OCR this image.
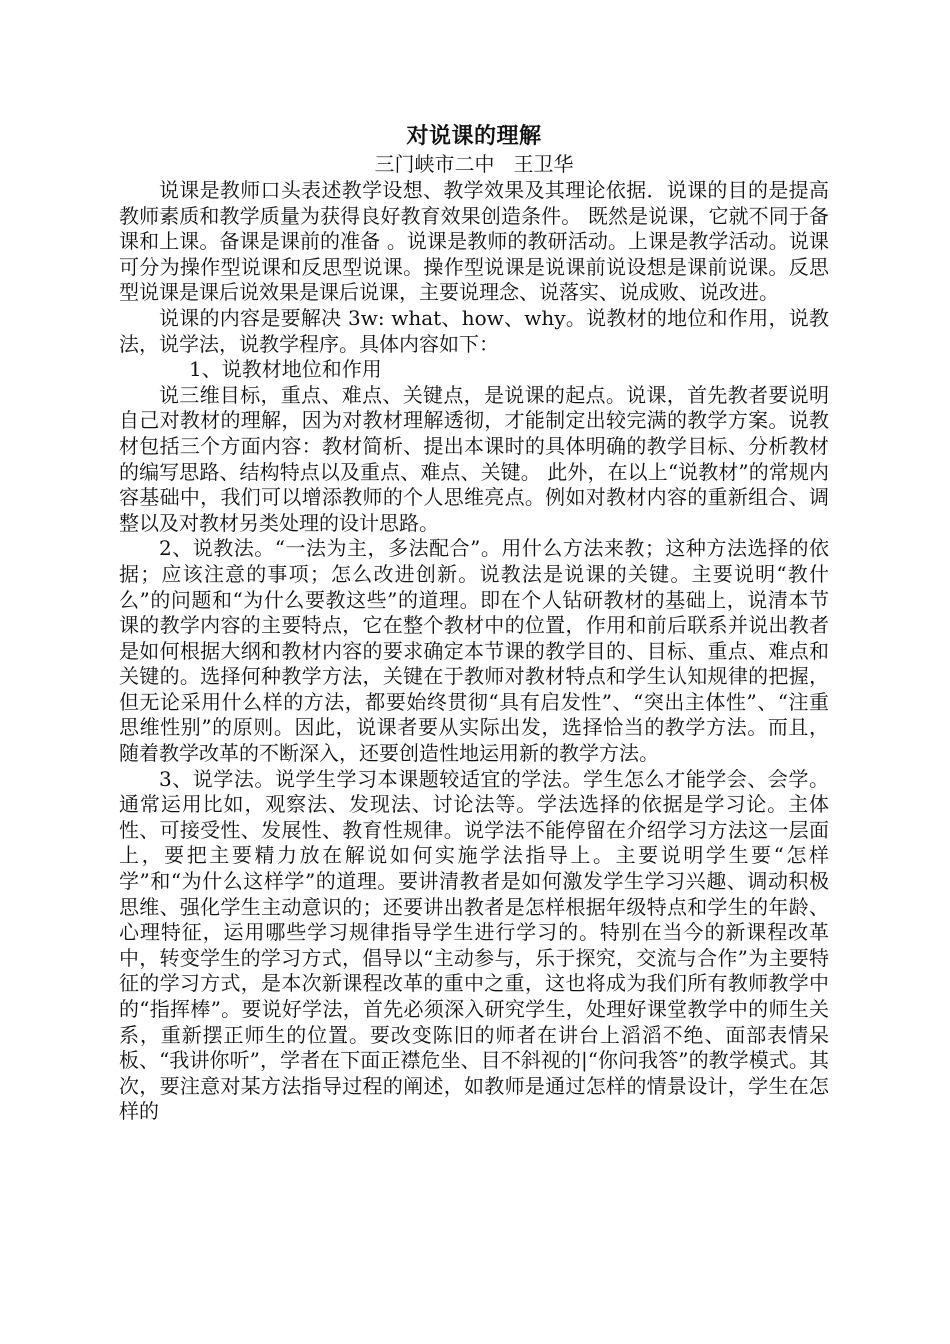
对说课的理解

三门峡市二中   王卫华

说课是教师口头表述教学设想、教学效果及其理论依据．说课的目的是提高教师素质和教学质量为获得良好教育效果创造条件。 既然是说课，它就不同于备课和上课。备课是课前的准备 。说课是教师的教研活动。上课是教学活动。说课可分为操作型说课和反思型说课。操作型说课是说课前说设想是课前说课。反思型说课是课后说效果是课后说课，主要说理念、说落实、说成败、说改进。

说课的内容是要解决 3w: what、how、why。说教材的地位和作用，说教法，说学法，说教学程序。具体内容如下：

1、说教材地位和作用

说三维目标，重点、难点、关键点，是说课的起点。说课，首先教者要说明自己对教材的理解，因为对教材理解透彻，才能制定出较完满的教学方案。说教材包括三个方面内容：教材简析、提出本课时的具体明确的教学目标、分析教材的编写思路、结构特点以及重点、难点、关键。 此外，在以上“说教材”的常规内容基础中，我们可以增添教师的个人思维亮点。例如对教材内容的重新组合、调整以及对教材另类处理的设计思路。

2、说教法。“一法为主，多法配合”。用什么方法来教；这种方法选择的依据；应该注意的事项；怎么改进创新。说教法是说课的关键。主要说明“教什么”的问题和“为什么要教这些”的道理。即在个人钻研教材的基础上，说清本节课的教学内容的主要特点，它在整个教材中的位置，作用和前后联系并说出教者是如何根据大纲和教材内容的要求确定本节课的教学目的、目标、重点、难点和关键的。选择何种教学方法，关键在于教师对教材特点和学生认知规律的把握，但无论采用什么样的方法，都要始终贯彻“具有启发性”、“突出主体性”、“注重思维性别”的原则。因此，说课者要从实际出发，选择恰当的教学方法。而且，随着教学改革的不断深入，还要创造性地运用新的教学方法。

3、说学法。说学生学习本课题较适宜的学法。学生怎么才能学会、会学。通常运用比如，观察法、发现法、讨论法等。学法选择的依据是学习论。主体性、可接受性、发展性、教育性规律。说学法不能停留在介绍学习方法这一层面上，要把主要精力放在解说如何实施学法指导上。主要说明学生要“怎样学”和“为什么这样学”的道理。要讲清教者是如何激发学生学习兴趣、调动积极思维、强化学生主动意识的；还要讲出教者是怎样根据年级特点和学生的年龄、心理特征，运用哪些学习规律指导学生进行学习的。特别在当今的新课程改革中，转变学生的学习方式，倡导以“主动参与，乐于探究，交流与合作”为主要特征的学习方式，是本次新课程改革的重中之重，这也将成为我们所有教师教学中的“指挥棒”。要说好学法，首先必须深入研究学生，处理好课堂教学中的师生关系，重新摆正师生的位置。要改变陈旧的师者在讲台上滔滔不绝、面部表情呆板、“我讲你听”，学者在下面正襟危坐、目不斜视的|“你问我答”的教学模式。其次，要注意对某方法指导过程的阐述，如教师是通过怎样的情景设计，学生在怎样的
